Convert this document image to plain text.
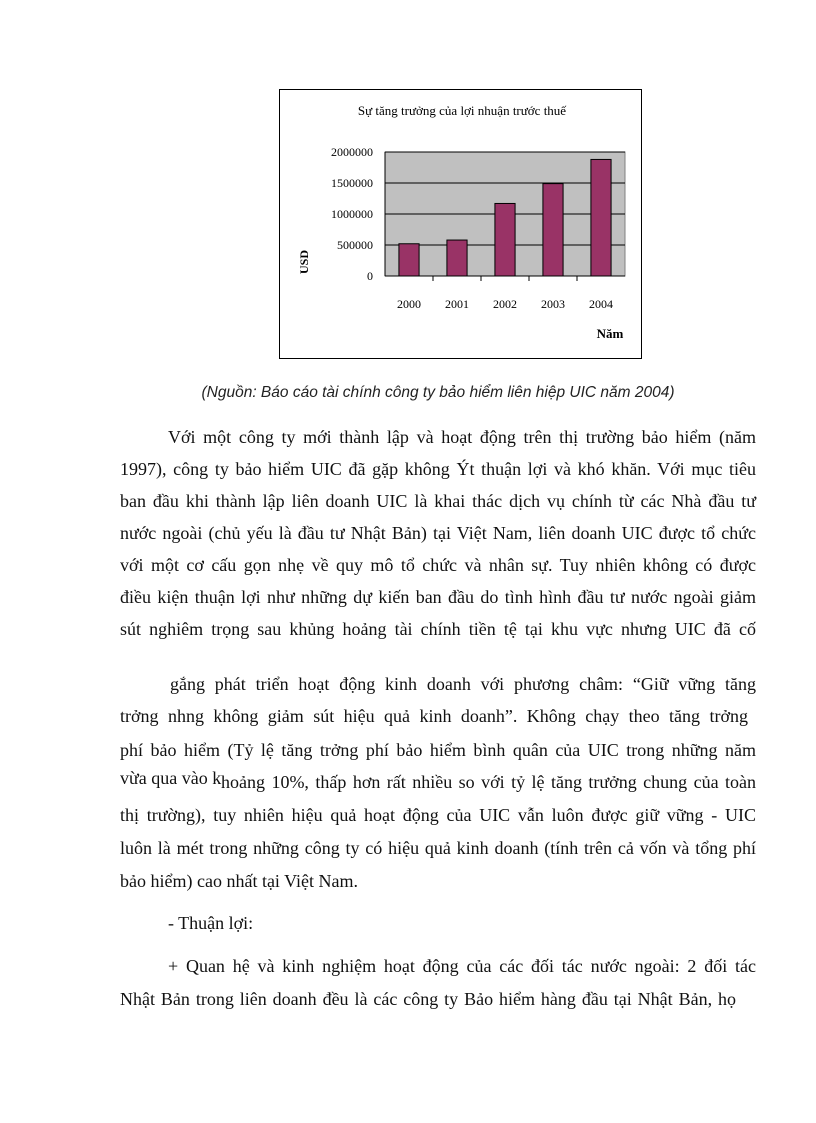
Sự tăng trưởng của lợi nhuận trước thuế
2000000
1500000
1000000
500000
0
2000 2001 2002 2003 2004
USD
Năm
(Nguồn: Báo cáo tài chính công ty bảo hiểm liên hiệp UIC năm 2004)

Với một công ty mới thành lập và hoạt động trên thị trường bảo hiểm (năm
1997), công ty bảo hiểm UIC đã gặp không Ýt thuận lợi và khó khăn. Với mục tiêu
ban đầu khi thành lập liên doanh UIC là khai thác dịch vụ chính từ các Nhà đầu tư
nước ngoài (chủ yếu là đầu tư Nhật Bản) tại Việt Nam, liên doanh UIC được tổ chức
với một cơ cấu gọn nhẹ về quy mô tổ chức và nhân sự. Tuy nhiên không có được
điều kiện thuận lợi như những dự kiến ban đầu do tình hình đầu tư nước ngoài giảm
sút nghiêm trọng sau khủng hoảng tài chính tiền tệ tại khu vực nhưng UIC đã cố

gắng phát triển hoạt động kinh doanh với phương châm: “Giữ vững tăng
trởng nhng không giảm sút hiệu quả kinh doanh”. Không chạy theo tăng trởng
phí bảo hiểm (Tỷ lệ tăng trởng phí bảo hiểm bình quân của UIC trong những năm
vừa qua vào k hoảng 10%, thấp hơn rất nhiều so với tỷ lệ tăng trưởng chung của toàn
thị trường), tuy nhiên hiệu quả hoạt động của UIC vẫn luôn được giữ vững - UIC
luôn là mét trong những công ty có hiệu quả kinh doanh (tính trên cả vốn và tổng phí
bảo hiểm) cao nhất tại Việt Nam.
- Thuận lợi:
+ Quan hệ và kinh nghiệm hoạt động của các đối tác nước ngoài: 2 đối tác
Nhật Bản trong liên doanh đều là các công ty Bảo hiểm hàng đầu tại Nhật Bản, họ
